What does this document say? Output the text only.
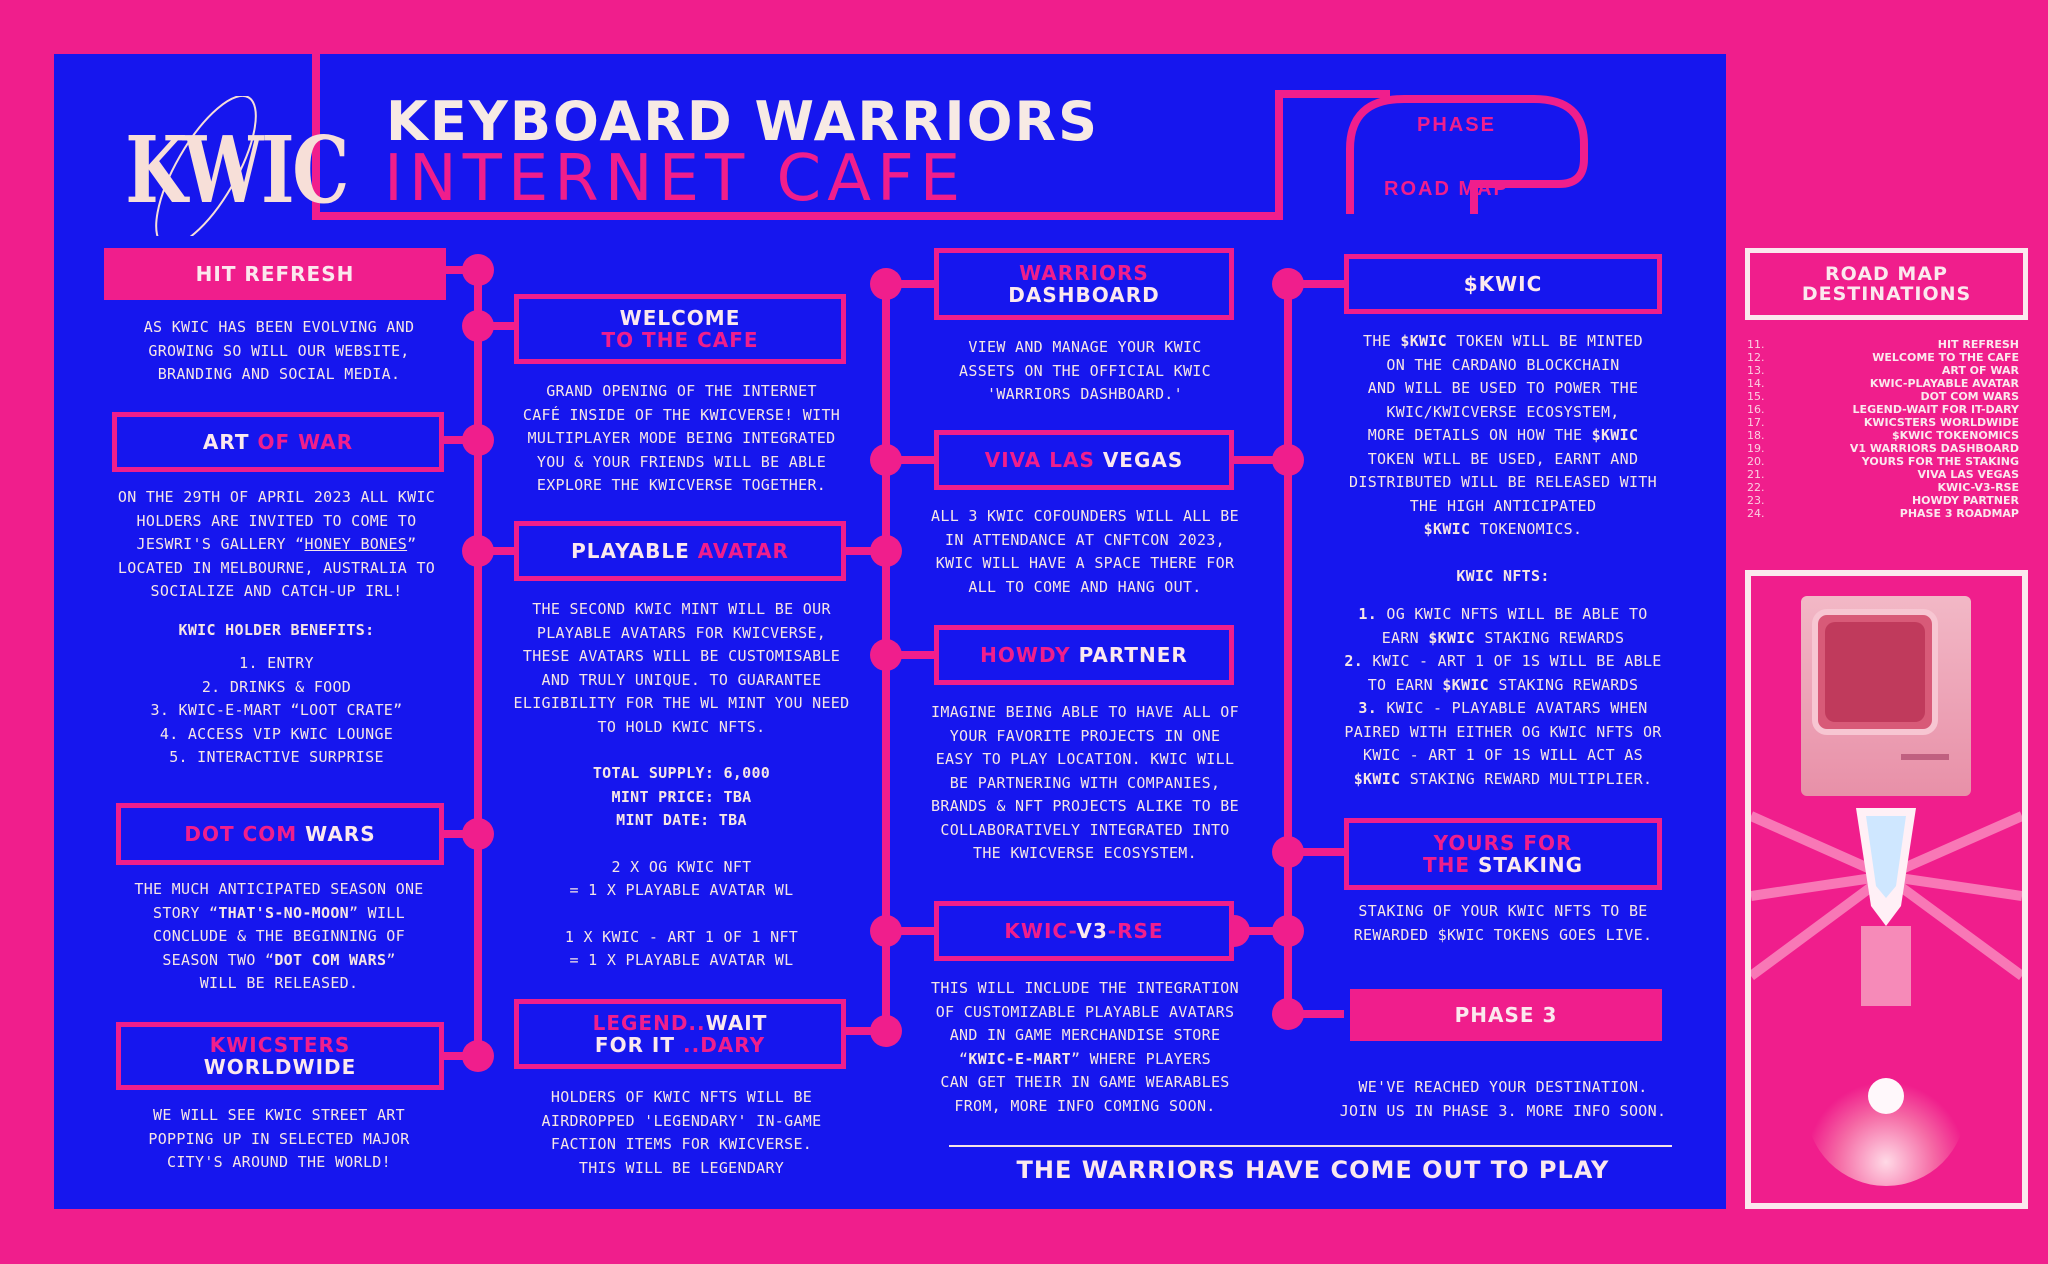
KWIC KEYBOARD WARRIORS
INTERNET CAFE
PHASE
ROAD MAP
HIT REFRESH
AS KWIC HAS BEEN EVOLVING AND
GROWING SO WILL OUR WEBSITE,
BRANDING AND SOCIAL MEDIA.
ART OF WAR
ON THE 29TH OF APRIL 2023 ALL KWIC
HOLDERS ARE INVITED TO COME TO
JESWRI'S GALLERY “HONEY BONES”
LOCATED IN MELBOURNE, AUSTRALIA TO
SOCIALIZE AND CATCH-UP IRL!
KWIC HOLDER BENEFITS:
1. ENTRY
2. DRINKS & FOOD
3. KWIC-E-MART “LOOT CRATE”
4. ACCESS VIP KWIC LOUNGE
5. INTERACTIVE SURPRISE
DOT COM WARS
THE MUCH ANTICIPATED SEASON ONE
STORY “THAT'S-NO-MOON” WILL
CONCLUDE & THE BEGINNING OF
SEASON TWO “DOT COM WARS”
WILL BE RELEASED.
KWICSTERS
WORLDWIDE
WE WILL SEE KWIC STREET ART
POPPING UP IN SELECTED MAJOR
CITY'S AROUND THE WORLD!
WELCOME
TO THE CAFE
GRAND OPENING OF THE INTERNET
CAFÉ INSIDE OF THE KWICVERSE! WITH
MULTIPLAYER MODE BEING INTEGRATED
YOU & YOUR FRIENDS WILL BE ABLE
EXPLORE THE KWICVERSE TOGETHER.
PLAYABLE AVATAR
THE SECOND KWIC MINT WILL BE OUR
PLAYABLE AVATARS FOR KWICVERSE,
THESE AVATARS WILL BE CUSTOMISABLE
AND TRULY UNIQUE. TO GUARANTEE
ELIGIBILITY FOR THE WL MINT YOU NEED
TO HOLD KWIC NFTS.
TOTAL SUPPLY: 6,000
MINT PRICE: TBA
MINT DATE: TBA
2 X OG KWIC NFT
= 1 X PLAYABLE AVATAR WL
1 X KWIC - ART 1 OF 1 NFT
= 1 X PLAYABLE AVATAR WL
LEGEND..WAIT
FOR IT ..DARY
HOLDERS OF KWIC NFTS WILL BE
AIRDROPPED 'LEGENDARY' IN-GAME
FACTION ITEMS FOR KWICVERSE.
THIS WILL BE LEGENDARY
WARRIORS
DASHBOARD
VIEW AND MANAGE YOUR KWIC
ASSETS ON THE OFFICIAL KWIC
'WARRIORS DASHBOARD.'
VIVA LAS VEGAS
ALL 3 KWIC COFOUNDERS WILL ALL BE
IN ATTENDANCE AT CNFTCON 2023,
KWIC WILL HAVE A SPACE THERE FOR
ALL TO COME AND HANG OUT.
HOWDY PARTNER
IMAGINE BEING ABLE TO HAVE ALL OF
YOUR FAVORITE PROJECTS IN ONE
EASY TO PLAY LOCATION. KWIC WILL
BE PARTNERING WITH COMPANIES,
BRANDS & NFT PROJECTS ALIKE TO BE
COLLABORATIVELY INTEGRATED INTO
THE KWICVERSE ECOSYSTEM.
KWIC-V3-RSE
THIS WILL INCLUDE THE INTEGRATION
OF CUSTOMIZABLE PLAYABLE AVATARS
AND IN GAME MERCHANDISE STORE
“KWIC-E-MART” WHERE PLAYERS
CAN GET THEIR IN GAME WEARABLES
FROM, MORE INFO COMING SOON.
$KWIC
THE $KWIC TOKEN WILL BE MINTED
ON THE CARDANO BLOCKCHAIN
AND WILL BE USED TO POWER THE
KWIC/KWICVERSE ECOSYSTEM,
MORE DETAILS ON HOW THE $KWIC
TOKEN WILL BE USED, EARNT AND
DISTRIBUTED WILL BE RELEASED WITH
THE HIGH ANTICIPATED
$KWIC TOKENOMICS.
KWIC NFTS:
1. OG KWIC NFTS WILL BE ABLE TO
EARN $KWIC STAKING REWARDS
2. KWIC - ART 1 OF 1S WILL BE ABLE
TO EARN $KWIC STAKING REWARDS
3. KWIC - PLAYABLE AVATARS WHEN
PAIRED WITH EITHER OG KWIC NFTS OR
KWIC - ART 1 OF 1S WILL ACT AS
$KWIC STAKING REWARD MULTIPLIER.
YOURS FOR
THE STAKING
STAKING OF YOUR KWIC NFTS TO BE
REWARDED $KWIC TOKENS GOES LIVE.
PHASE 3
WE'VE REACHED YOUR DESTINATION.
JOIN US IN PHASE 3. MORE INFO SOON.
THE WARRIORS HAVE COME OUT TO PLAY
ROAD MAP
DESTINATIONS
11.	HIT REFRESH
12.	WELCOME TO THE CAFE
13.	ART OF WAR
14.	KWIC-PLAYABLE AVATAR
15.	DOT COM WARS
16.	LEGEND-WAIT FOR IT-DARY
17.	KWICSTERS WORLDWIDE
18.	$KWIC TOKENOMICS
19.	V1 WARRIORS DASHBOARD
20.	YOURS FOR THE STAKING
21.	VIVA LAS VEGAS
22.	KWIC-V3-RSE
23.	HOWDY PARTNER
24.	PHASE 3 ROADMAP
